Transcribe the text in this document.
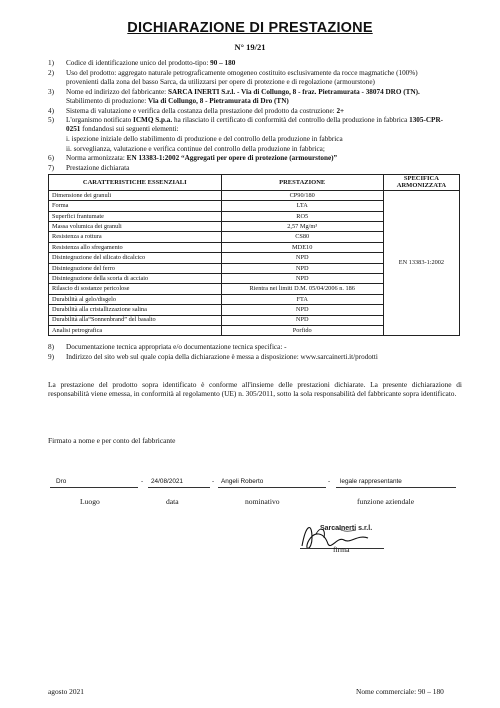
DICHIARAZIONE DI PRESTAZIONE
N° 19/21
1)	Codice di identificazione unico del prodotto-tipo: 90 – 180
2)	Uso del prodotto: aggregato naturale petrograficamente omogeneo costituito esclusivamente da rocce magmatiche (100%) provenienti dalla zona del basso Sarca, da utilizzarsi per opere di protezione e di regolazione (armourstone)
3)	Nome ed indirizzo del fabbricante: SARCA INERTI S.r.l. - Via di Collungo, 8 - fraz. Pietramurata - 38074 DRO (TN). Stabilimento di produzione: Via di Collungo, 8 - Pietramurata di Dro (TN)
4)	Sistema di valutazione e verifica della costanza della prestazione del prodotto da costruzione: 2+
5)	L'organismo notificato ICMQ S.p.a. ha rilasciato il certificato di conformità del controllo della produzione in fabbrica 1305-CPR-0251 fondandosi sui seguenti elementi:
i. ispezione iniziale dello stabilimento di produzione e del controllo della produzione in fabbrica
ii. sorveglianza, valutazione e verifica continue del controllo della produzione in fabbrica;
6)	Norma armonizzata: EN 13383-1:2002 “Aggregati per opere di protezione (armourstone)”
7)	Prestazione dichiarata
CARATTERISTICHE ESSENZIALI	PRESTAZIONE	SPECIFICA ARMONIZZATA
Dimensione dei granuli	CP90/180	EN 13383-1:2002
Forma	LTA	
Superfici frantumate	RO5	
Massa volumica dei granuli	2,57 Mg/m³	
Resistenza a rottura	CS80	
Resistenza allo sfregamento	MDE10	
Disintegrazione del silicato dicalcico	NPD	
Disintegrazione del ferro	NPD	
Disintegrazione della scoria di acciaio	NPD	
Rilascio di sostanze pericolose	Rientra nei limiti D.M. 05/04/2006 n. 186	
Durabilità al gelo/disgelo	FTA	
Durabilità alla cristallizzazione salina	NPD	
Durabilità alla“Sonnenbrand” del basalto	NPD	
Analisi petrografica	Porfido	
8)	Documentazione tecnica appropriata e/o documentazione tecnica specifica: -
9)	Indirizzo del sito web sul quale copia della dichiarazione è messa a disposizione: www.sarcainerti.it/prodotti
La prestazione del prodotto sopra identificato è conforme all'insieme delle prestazioni dichiarate. La presente dichiarazione di responsabilità viene emessa, in conformità al regolamento (UE) n. 305/2011, sotto la sola responsabilità del fabbricante sopra identificato.
Firmato a nome e per conto del fabbricante
Dro	- 24/08/2021	- Angeli Roberto	- legale rappresentante
Luogo	data	nominativo	funzione aziendale
SarcaInerti s.r.l.
firma
agosto 2021	Nome commerciale: 90 – 180
